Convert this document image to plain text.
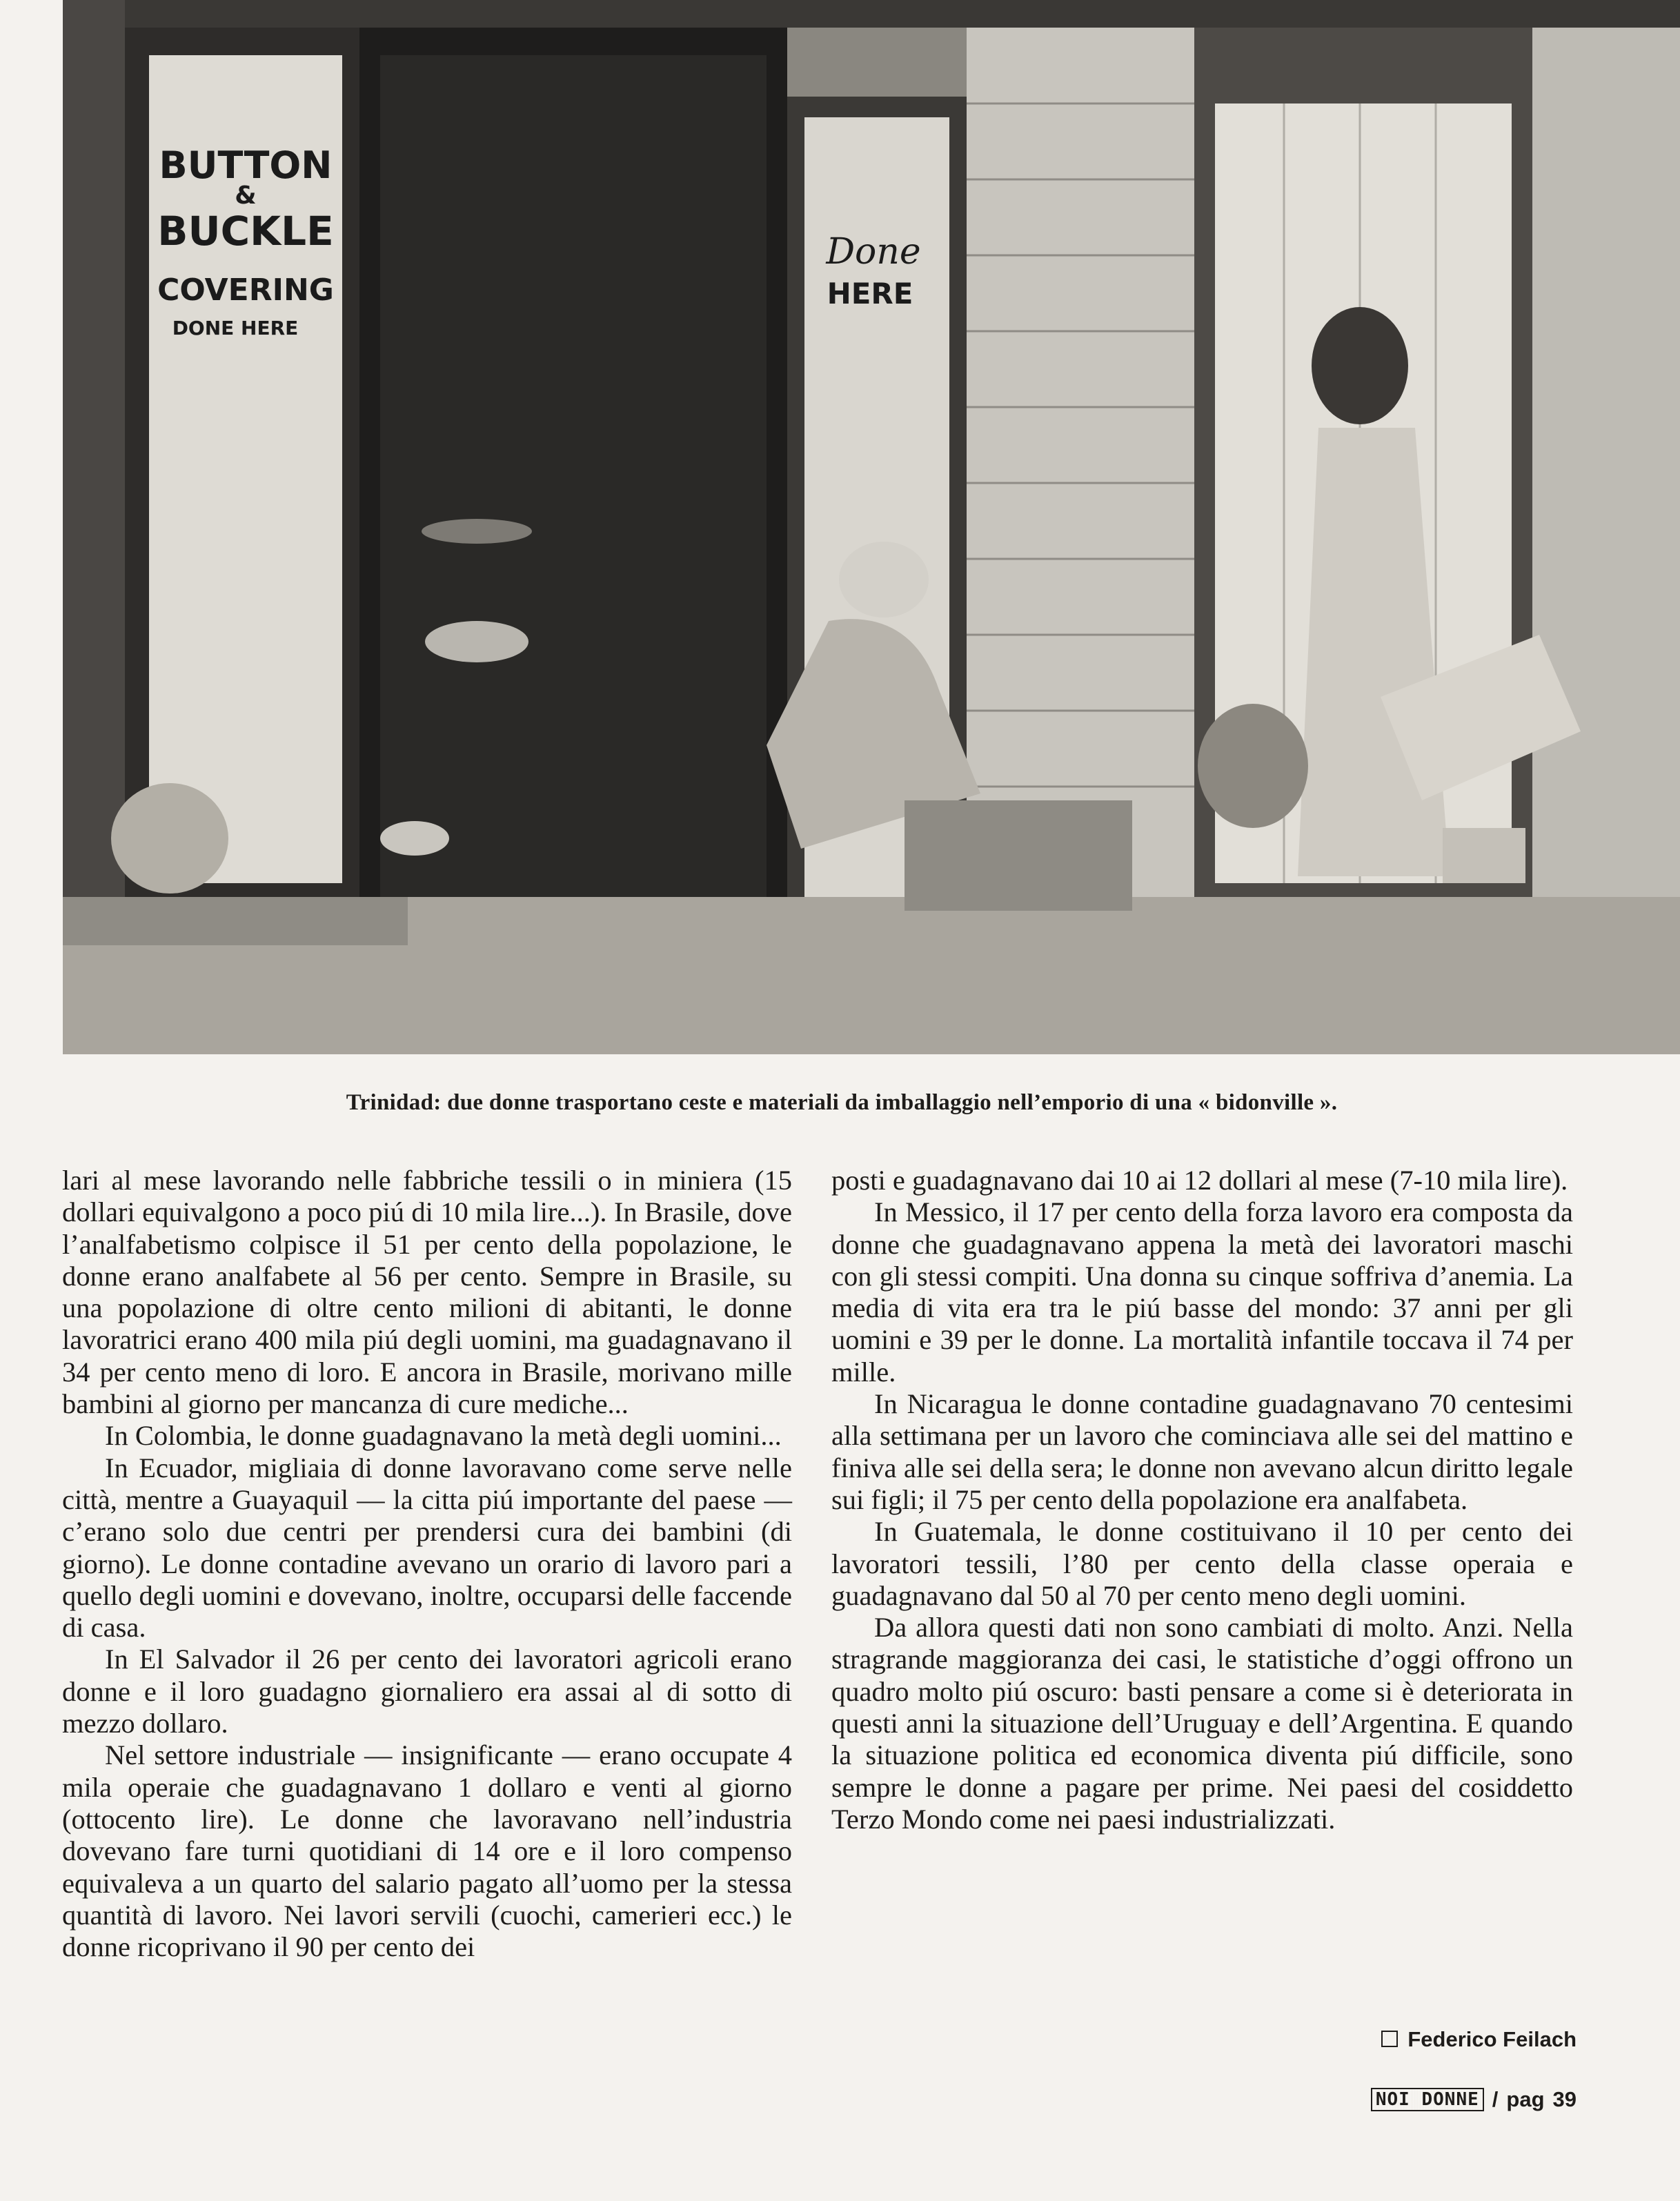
BUTTON
&
BUCKLE
COVERING
DONE HERE
Done
HERE
Trinidad: due donne trasportano ceste e materiali da imballaggio nell’emporio di una « bidonville ».

lari al mese lavorando nelle fabbriche tessili o in miniera (15 dollari equivalgono a poco piú di 10 mila lire...). In Brasile, dove l’analfabetismo colpisce il 51 per cento della popolazione, le donne erano analfabete al 56 per cento. Sempre in Brasile, su una popolazione di oltre cento milioni di abitanti, le donne lavoratrici erano 400 mila piú degli uomini, ma guadagnavano il 34 per cento meno di loro. E ancora in Brasile, morivano mille bambini al giorno per mancanza di cure mediche...

In Colombia, le donne guadagnavano la metà degli uomini...

In Ecuador, migliaia di donne lavoravano come serve nelle città, mentre a Guayaquil — la citta piú importante del paese — c’erano solo due centri per prendersi cura dei bambini (di giorno). Le donne contadine avevano un orario di lavoro pari a quello degli uomini e dovevano, inoltre, occuparsi delle faccende di casa.

In El Salvador il 26 per cento dei lavoratori agricoli erano donne e il loro guadagno giornaliero era assai al di sotto di mezzo dollaro.

Nel settore industriale — insignificante — erano occupate 4 mila operaie che guadagnavano 1 dollaro e venti al giorno (ottocento lire). Le donne che lavoravano nell’industria dovevano fare turni quotidiani di 14 ore e il loro compenso equivaleva a un quarto del salario pagato all’uomo per la stessa quantità di lavoro. Nei lavori servili (cuochi, camerieri ecc.) le donne ricoprivano il 90 per cento dei

posti e guadagnavano dai 10 ai 12 dollari al mese (7-10 mila lire).

In Messico, il 17 per cento della forza lavoro era composta da donne che guadagnavano appena la metà dei lavoratori maschi con gli stessi compiti. Una donna su cinque soffriva d’anemia. La media di vita era tra le piú basse del mondo: 37 anni per gli uomini e 39 per le donne. La mortalità infantile toccava il 74 per mille.

In Nicaragua le donne contadine guadagnavano 70 centesimi alla settimana per un lavoro che cominciava alle sei del mattino e finiva alle sei della sera; le donne non avevano alcun diritto legale sui figli; il 75 per cento della popolazione era analfabeta.

In Guatemala, le donne costituivano il 10 per cento dei lavoratori tessili, l’80 per cento della classe operaia e guadagnavano dal 50 al 70 per cento meno degli uomini.

Da allora questi dati non sono cambiati di molto. Anzi. Nella stragrande maggioranza dei casi, le statistiche d’oggi offrono un quadro molto piú oscuro: basti pensare a come si è deteriorata in questi anni la situazione dell’Uruguay e dell’Argentina. E quando la situazione politica ed economica diventa piú difficile, sono sempre le donne a pagare per prime. Nei paesi del cosiddetto Terzo Mondo come nei paesi industrializzati.

Federico Feilach
NOI DONNE / pag 39
